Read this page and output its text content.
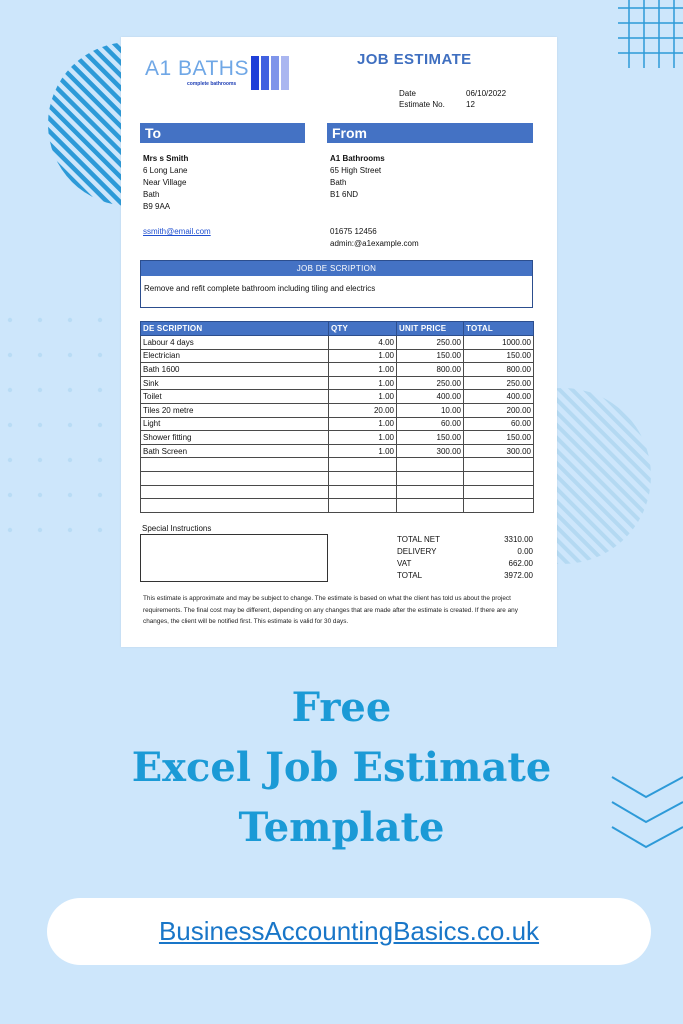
A1 BATHS
complete bathrooms
JOB ESTIMATE
Date	06/10/2022
Estimate No.	12
To	From
Mrs s Smith
6 Long Lane
Near Village
Bath
B9 9AA
ssmith@email.com
A1 Bathrooms
65 High Street
Bath
B1 6ND
01675 12456
admin:@a1example.com
JOB DE SCRIPTION
Remove and refit complete bathroom including tiling and electrics
DE SCRIPTION	QTY	UNIT PRICE	TOTAL
Labour 4 days	4.00	250.00	1000.00
Electrician	1.00	150.00	150.00
Bath 1600	1.00	800.00	800.00
Sink	1.00	250.00	250.00
Toilet	1.00	400.00	400.00
Tiles 20 metre	20.00	10.00	200.00
Light	1.00	60.00	60.00
Shower fitting	1.00	150.00	150.00
Bath Screen	1.00	300.00	300.00

Special Instructions
TOTAL NET	3310.00
DELIVERY	0.00
VAT	662.00
TOTAL	3972.00
This estimate is approximate and may be subject to change. The estimate is based on what the client has told us about the project requirements. The final cost may be different, depending on any changes that are made after the estimate is created. If there are any changes, the client will be notified first. This estimate is valid for 30 days.
Free
Excel Job Estimate
Template
BusinessAccountingBasics.co.uk
